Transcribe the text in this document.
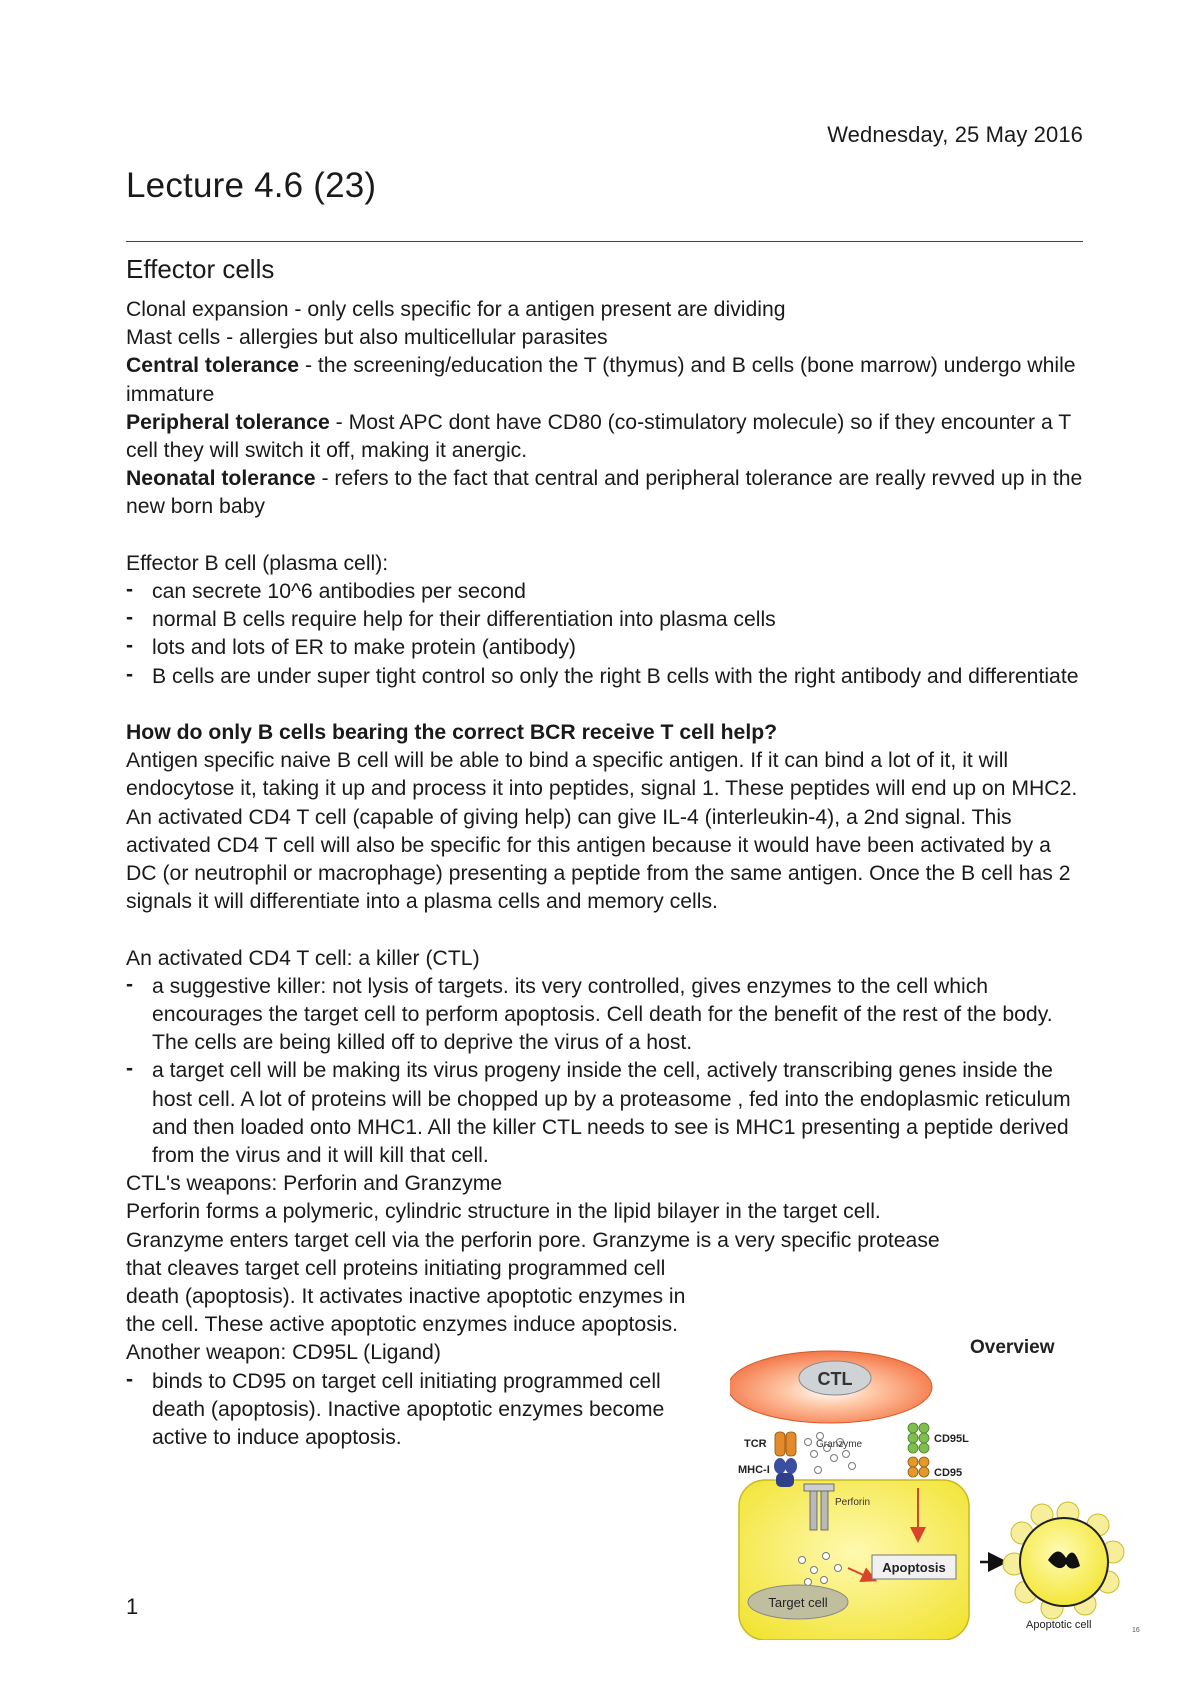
Wednesday, 25 May 2016
Lecture 4.6 (23)
Effector cells

Clonal expansion - only cells specific for a antigen present are dividing

Mast cells - allergies but also multicellular parasites

Central tolerance - the screening/education the T (thymus) and B cells (bone marrow) undergo while immature

Peripheral tolerance - Most APC dont have CD80 (co-stimulatory molecule) so if they encounter a T cell they will switch it off, making it anergic.

Neonatal tolerance - refers to the fact that central and peripheral tolerance are really revved up in the new born baby

Effector B cell (plasma cell):

- can secrete 10^6 antibodies per second
- normal B cells require help for their differentiation into plasma cells
- lots and lots of ER to make protein (antibody)
- B cells are under super tight control so only the right B cells with the right antibody and differentiate

How do only B cells bearing the correct BCR receive T cell help?

Antigen specific naive B cell will be able to bind a specific antigen. If it can bind a lot of it, it will endocytose it, taking it up and process it into peptides, signal 1. These peptides will end up on MHC2. An activated CD4 T cell (capable of giving help) can give IL-4 (interleukin-4), a 2nd signal. This activated CD4 T cell will also be specific for this antigen because it would have been activated by a DC (or neutrophil or macrophage) presenting a peptide from the same antigen. Once the B cell has 2 signals it will differentiate into a plasma cells and memory cells.

An activated CD4 T cell: a killer (CTL)

- a suggestive killer: not lysis of targets. its very controlled, gives enzymes to the cell which encourages the target cell to perform apoptosis. Cell death for the benefit of the rest of the body. The cells are being killed off to deprive the virus of a host.
- a target cell will be making its virus progeny inside the cell, actively transcribing genes inside the host cell. A lot of proteins will be chopped up by a proteasome , fed into the endoplasmic reticulum and then loaded onto MHC1. All the killer CTL needs to see is MHC1 presenting a peptide derived from the virus and it will kill that cell.

CTL's weapons: Perforin and Granzyme

Perforin forms a polymeric, cylindric structure in the lipid bilayer in the target cell.

Granzyme enters target cell via the perforin pore. Granzyme is a very specific protease

that cleaves target cell proteins initiating programmed cell death (apoptosis). It activates inactive apoptotic enzymes in the cell. These active apoptotic enzymes induce apoptosis.

Another weapon: CD95L (Ligand)

- binds to CD95 on target cell initiating programmed cell death (apoptosis). Inactive apoptotic enzymes become active to induce apoptosis.
1
Overview
CTL
TCR
MHC-I
Granzyme
Perforin
CD95L
CD95
Apoptosis
Target cell
Apoptotic cell	16
